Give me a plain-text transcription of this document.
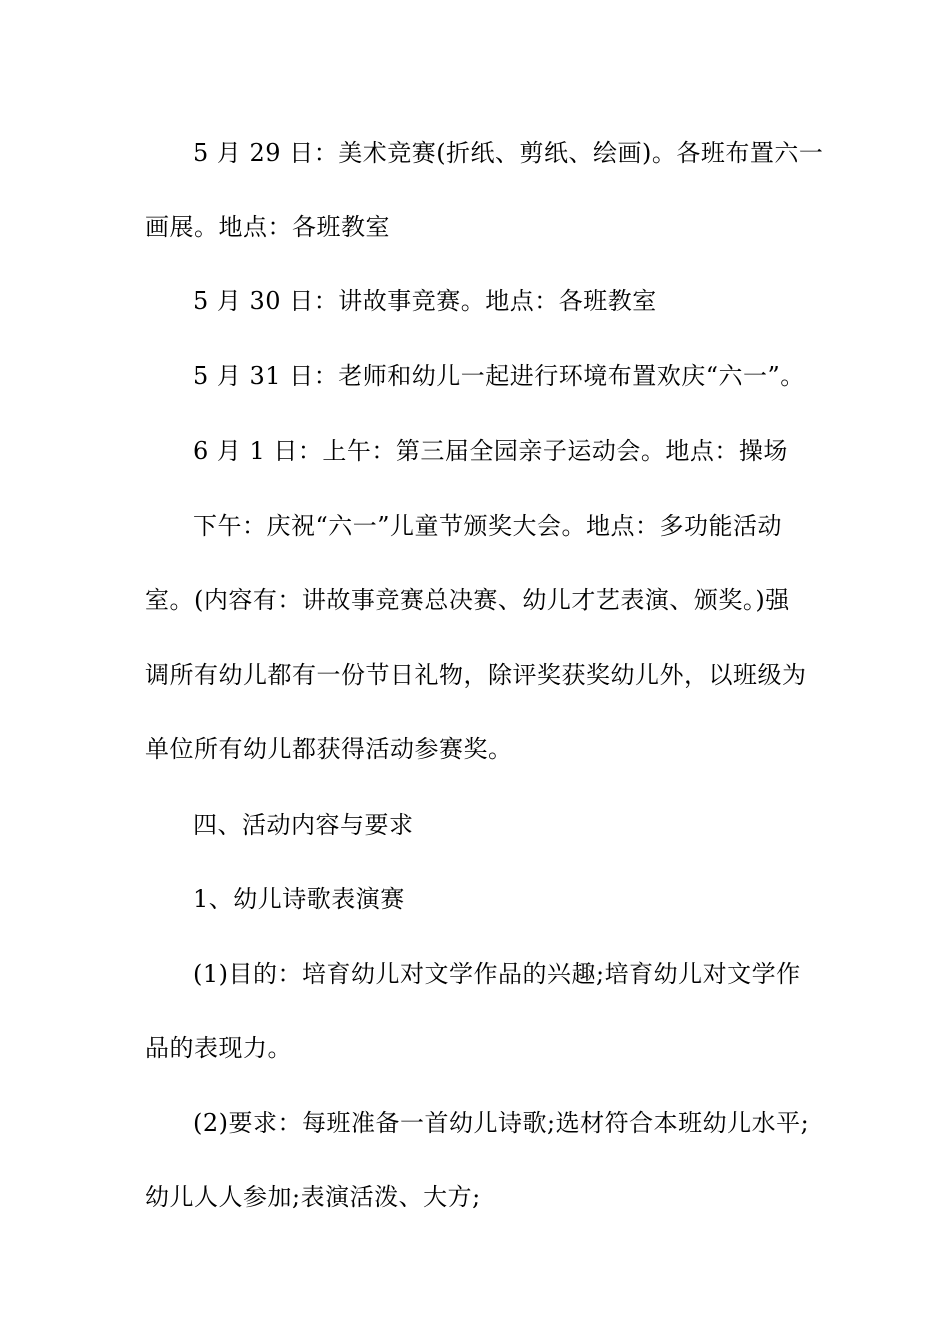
5 月 29 日：美术竞赛(折纸、剪纸、绘画)。各班布置六一
画展。地点：各班教室
5 月 30 日：讲故事竞赛。地点：各班教室
5 月 31 日：老师和幼儿一起进行环境布置欢庆“六一”。
6 月 1 日：上午：第三届全园亲子运动会。地点：操场
下午：庆祝“六一”儿童节颁奖大会。地点：多功能活动
室。(内容有：讲故事竞赛总决赛、幼儿才艺表演、颁奖。)强
调所有幼儿都有一份节日礼物，除评奖获奖幼儿外，以班级为
单位所有幼儿都获得活动参赛奖。
四、活动内容与要求
1、幼儿诗歌表演赛
(1)目的：培育幼儿对文学作品的兴趣;培育幼儿对文学作
品的表现力。
(2)要求：每班准备一首幼儿诗歌;选材符合本班幼儿水平;
幼儿人人参加;表演活泼、大方;
